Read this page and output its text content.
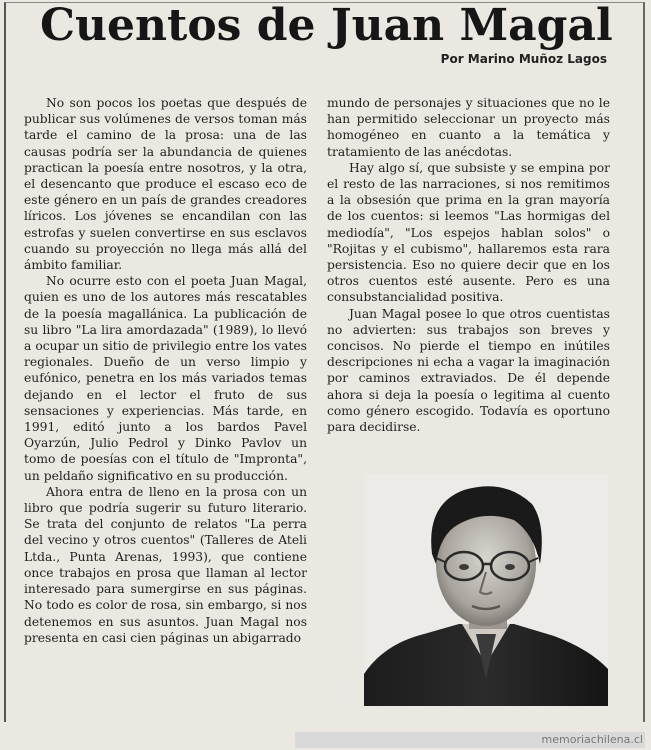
Cuentos de Juan Magal
Por Marino Muñoz Lagos

No son pocos los poetas que después de publicar sus volúmenes de versos toman más tarde el camino de la prosa: una de las causas podría ser la abundancia de quienes practican la poesía entre nosotros, y la otra, el desencanto que produce el escaso eco de este género en un país de grandes creadores líricos. Los jóvenes se encandilan con las estrofas y suelen convertirse en sus esclavos cuando su proyección no llega más allá del ámbito familiar.

No ocurre esto con el poeta Juan Magal, quien es uno de los autores más rescatables de la poesía magallánica. La publicación de su libro "La lira amordazada" (1989), lo llevó a ocupar un sitio de privilegio entre los vates regionales. Dueño de un verso limpio y eufónico, penetra en los más variados temas dejando en el lector el fruto de sus sensaciones y experiencias. Más tarde, en 1991, editó junto a los bardos Pavel Oyarzún, Julio Pedrol y Dinko Pavlov un tomo de poesías con el título de "Impronta", un peldaño significativo en su producción.

Ahora entra de lleno en la prosa con un libro que podría sugerir su futuro literario. Se trata del conjunto de relatos "La perra del vecino y otros cuentos" (Talleres de Ateli Ltda., Punta Arenas, 1993), que contiene once trabajos en prosa que llaman al lector interesado para sumergirse en sus páginas. No todo es color de rosa, sin embargo, si nos detenemos en sus asuntos. Juan Magal nos presenta en casi cien páginas un abigarrado

mundo de personajes y situaciones que no le han permitido seleccionar un proyecto más homogéneo en cuanto a la temática y tratamiento de las anécdotas.

Hay algo sí, que subsiste y se empina por el resto de las narraciones, si nos remitimos a la obsesión que prima en la gran mayoría de los cuentos: si leemos "Las hormigas del mediodía", "Los espejos hablan solos" o "Rojitas y el cubismo", hallaremos esta rara persistencia. Eso no quiere decir que en los otros cuentos esté ausente. Pero es una consubstancialidad positiva.

Juan Magal posee lo que otros cuentistas no advierten: sus trabajos son breves y concisos. No pierde el tiempo en inútiles descripciones ni echa a vagar la imaginación por caminos extraviados. De él depende ahora si deja la poesía o legitima al cuento como género escogido. Todavía es oportuno para decidirse.

memoriachilena.cl
